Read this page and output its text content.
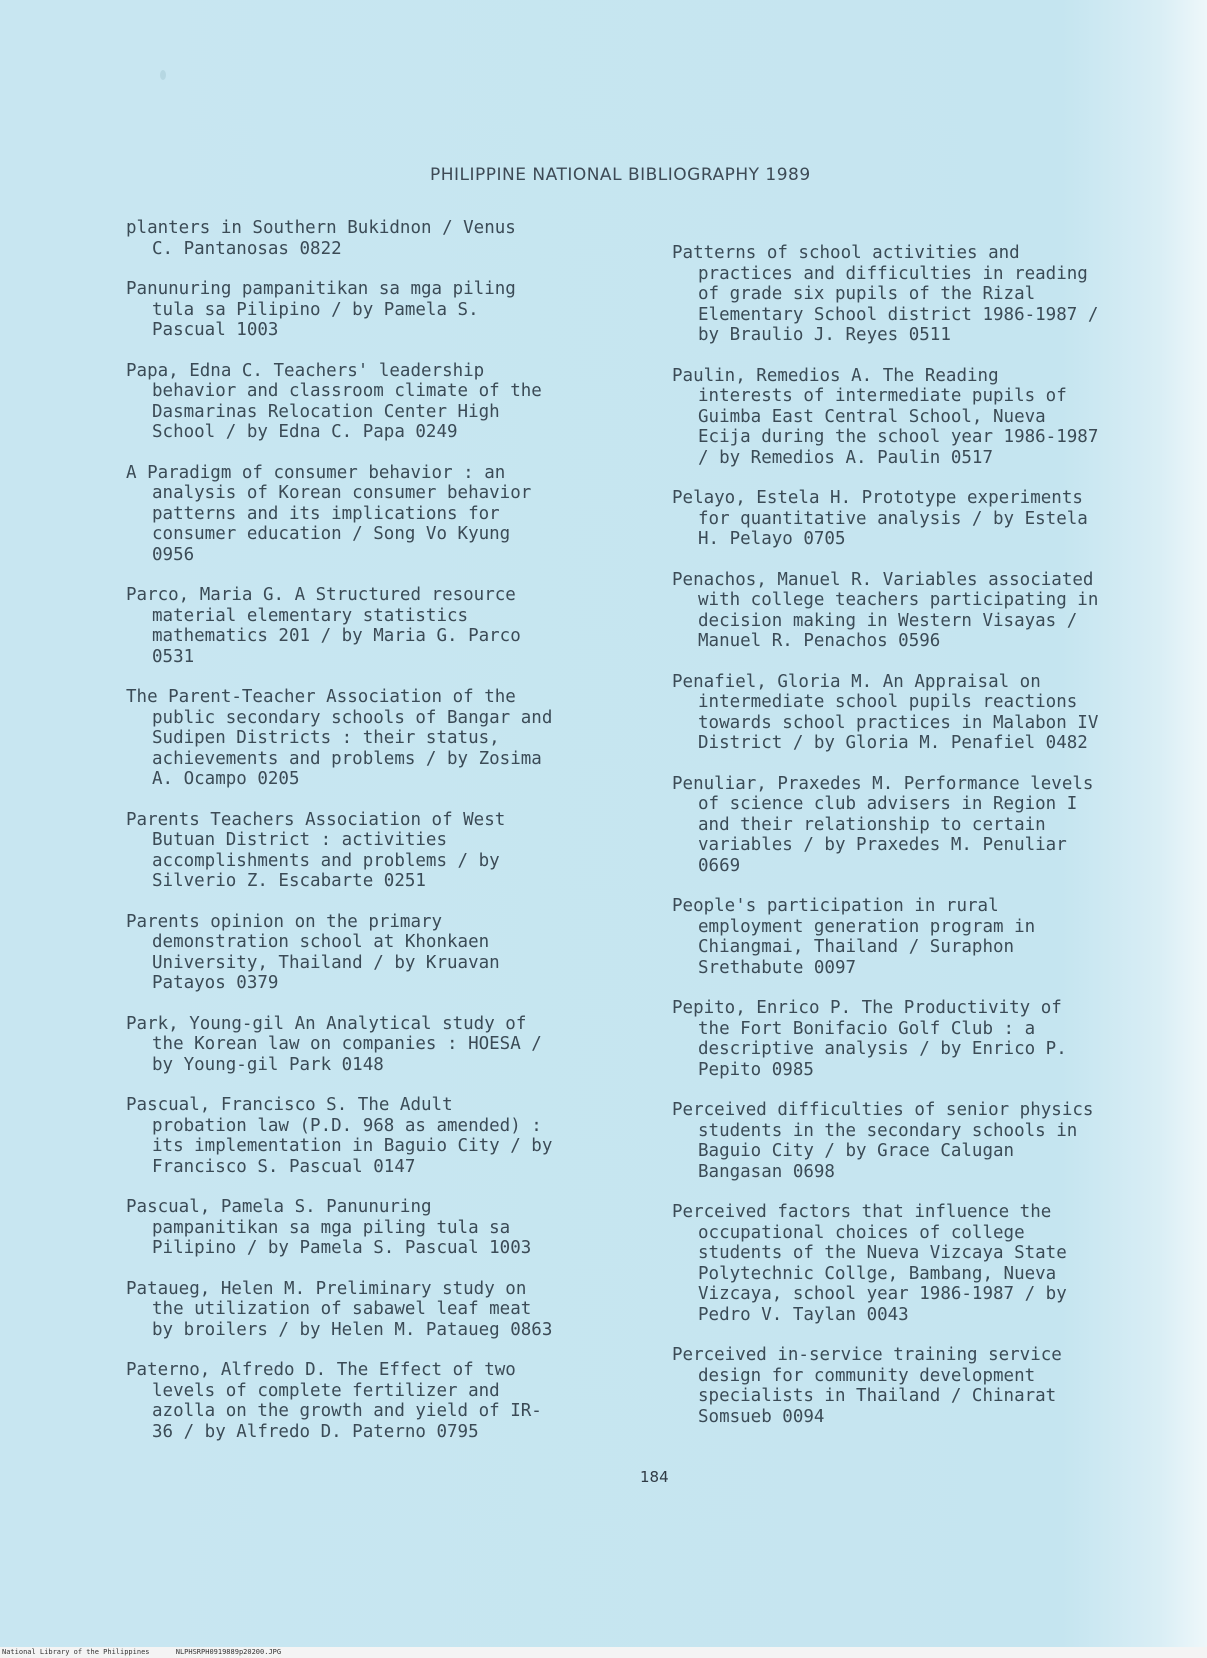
PHILIPPINE NATIONAL BIBLIOGRAPHY 1989
planters in Southern Bukidnon / Venus
C. Pantanosas 0822
Panunuring pampanitikan sa mga piling
tula sa Pilipino / by Pamela S.
Pascual 1003
Papa, Edna C. Teachers' leadership
behavior and classroom climate of the
Dasmarinas Relocation Center High
School / by Edna C. Papa 0249
A Paradigm of consumer behavior : an
analysis of Korean consumer behavior
patterns and its implications for
consumer education / Song Vo Kyung
0956
Parco, Maria G. A Structured resource
material elementary statistics
mathematics 201 / by Maria G. Parco
0531
The Parent-Teacher Association of the
public secondary schools of Bangar and
Sudipen Districts : their status,
achievements and problems / by Zosima
A. Ocampo 0205
Parents Teachers Association of West
Butuan District : activities
accomplishments and problems / by
Silverio Z. Escabarte 0251
Parents opinion on the primary
demonstration school at Khonkaen
University, Thailand / by Kruavan
Patayos 0379
Park, Young-gil An Analytical study of
the Korean law on companies : HOESA /
by Young-gil Park 0148
Pascual, Francisco S. The Adult
probation law (P.D. 968 as amended) :
its implementation in Baguio City / by
Francisco S. Pascual 0147
Pascual, Pamela S. Panunuring
pampanitikan sa mga piling tula sa
Pilipino / by Pamela S. Pascual 1003
Pataueg, Helen M. Preliminary study on
the utilization of sabawel leaf meat
by broilers / by Helen M. Pataueg 0863
Paterno, Alfredo D. The Effect of two
levels of complete fertilizer and
azolla on the growth and yield of IR-
36 / by Alfredo D. Paterno 0795
Patterns of school activities and
practices and difficulties in reading
of grade six pupils of the Rizal
Elementary School district 1986-1987 /
by Braulio J. Reyes 0511
Paulin, Remedios A. The Reading
interests of intermediate pupils of
Guimba East Central School, Nueva
Ecija during the school year 1986-1987
/ by Remedios A. Paulin 0517
Pelayo, Estela H. Prototype experiments
for quantitative analysis / by Estela
H. Pelayo 0705
Penachos, Manuel R. Variables associated
with college teachers participating in
decision making in Western Visayas /
Manuel R. Penachos 0596
Penafiel, Gloria M. An Appraisal on
intermediate school pupils reactions
towards school practices in Malabon IV
District / by Gloria M. Penafiel 0482
Penuliar, Praxedes M. Performance levels
of science club advisers in Region I
and their relationship to certain
variables / by Praxedes M. Penuliar
0669
People's participation in rural
employment generation program in
Chiangmai, Thailand / Suraphon
Srethabute 0097
Pepito, Enrico P. The Productivity of
the Fort Bonifacio Golf Club : a
descriptive analysis / by Enrico P.
Pepito 0985
Perceived difficulties of senior physics
students in the secondary schools in
Baguio City / by Grace Calugan
Bangasan 0698
Perceived factors that influence the
occupational choices of college
students of the Nueva Vizcaya State
Polytechnic Collge, Bambang, Nueva
Vizcaya, school year 1986-1987 / by
Pedro V. Taylan 0043
Perceived in-service training service
design for community development
specialists in Thailand / Chinarat
Somsueb 0094
184
National Library of the Philippines	NLPHSRPH0919889p20200.JPG
